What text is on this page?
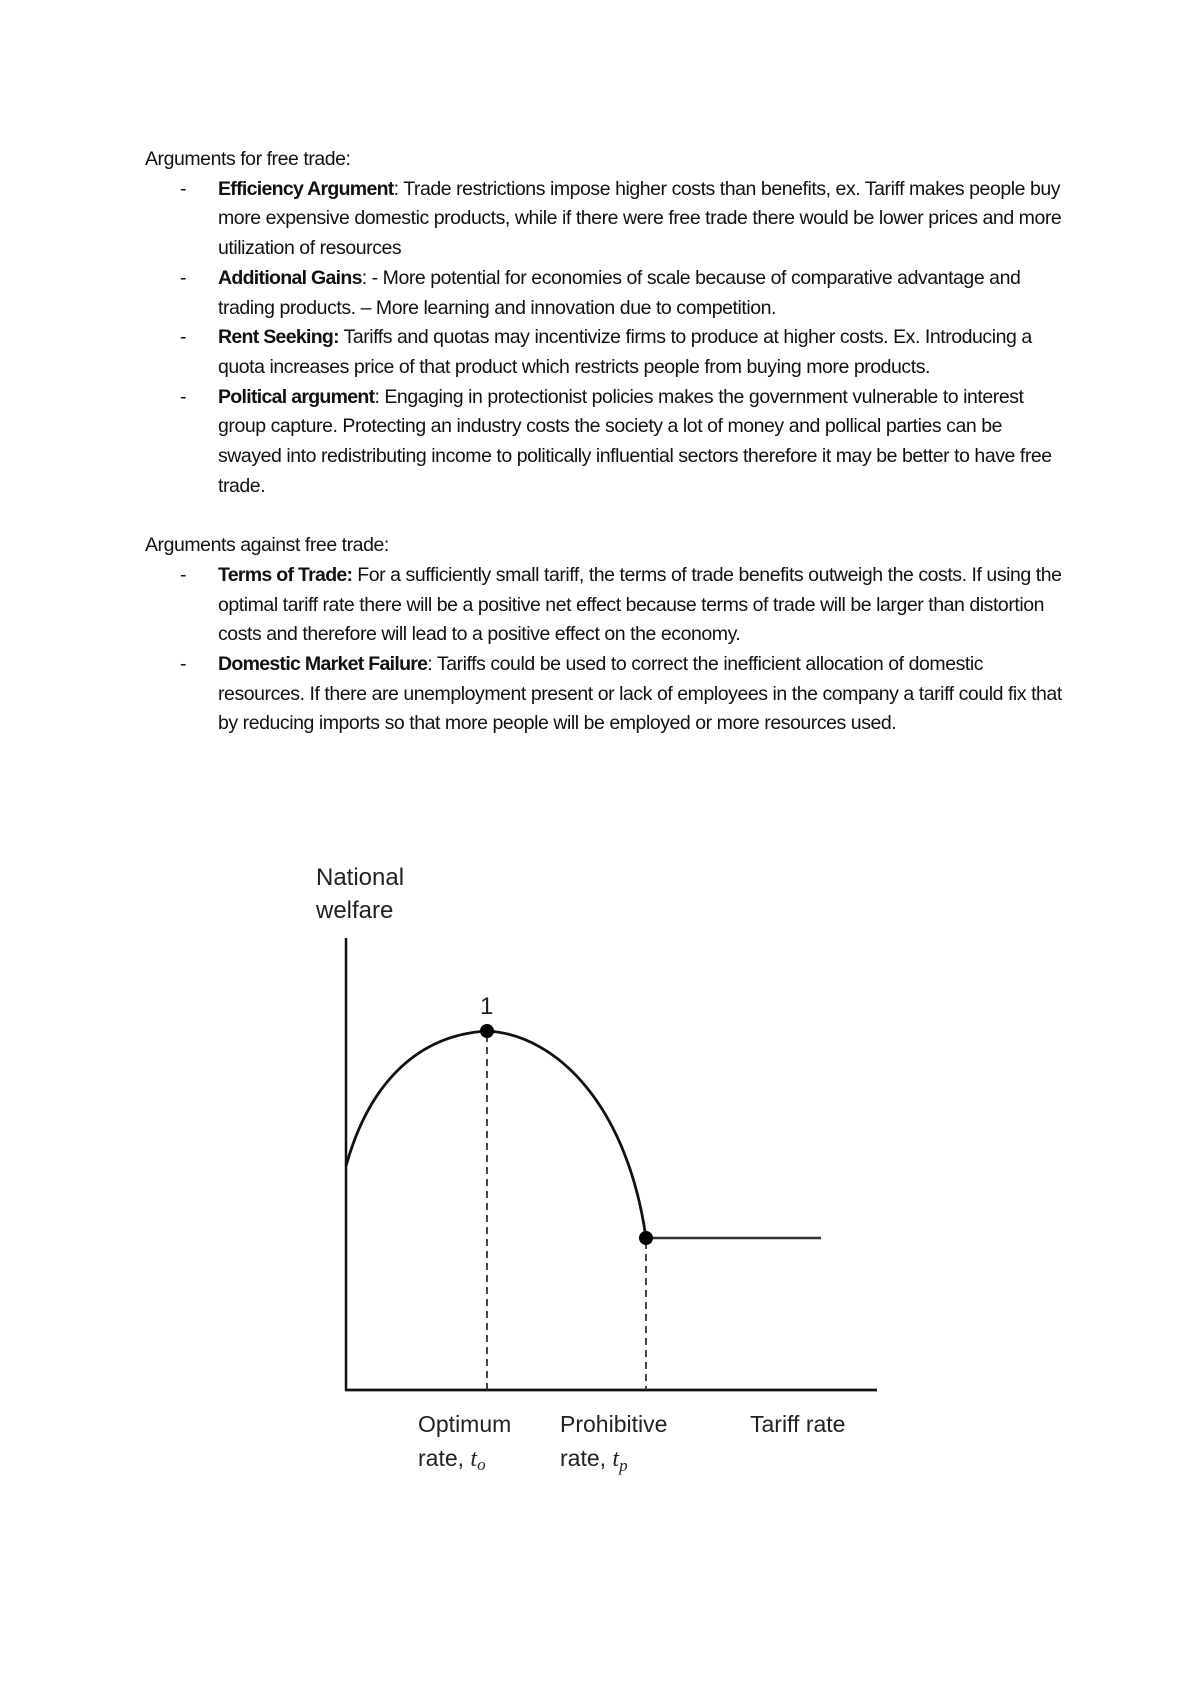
Arguments for free trade:

- Efficiency Argument: Trade restrictions impose higher costs than benefits, ex. Tariff makes people buy more expensive domestic products, while if there were free trade there would be lower prices and more utilization of resources
- Additional Gains: - More potential for economies of scale because of comparative advantage and trading products. – More learning and innovation due to competition.
- Rent Seeking: Tariffs and quotas may incentivize firms to produce at higher costs. Ex. Introducing a quota increases price of that product which restricts people from buying more products.
- Political argument: Engaging in protectionist policies makes the government vulnerable to interest group capture. Protecting an industry costs the society a lot of money and pollical parties can be swayed into redistributing income to politically influential sectors therefore it may be better to have free trade.

Arguments against free trade:

- Terms of Trade: For a sufficiently small tariff, the terms of trade benefits outweigh the costs. If using the optimal tariff rate there will be a positive net effect because terms of trade will be larger than distortion costs and therefore will lead to a positive effect on the economy.
- Domestic Market Failure: Tariffs could be used to correct the inefficient allocation of domestic resources. If there are unemployment present or lack of employees in the company a tariff could fix that by reducing imports so that more people will be employed or more resources used.
National
welfare
1
Optimum
rate, to
Prohibitive
rate, $t_p$
Tariff rate
